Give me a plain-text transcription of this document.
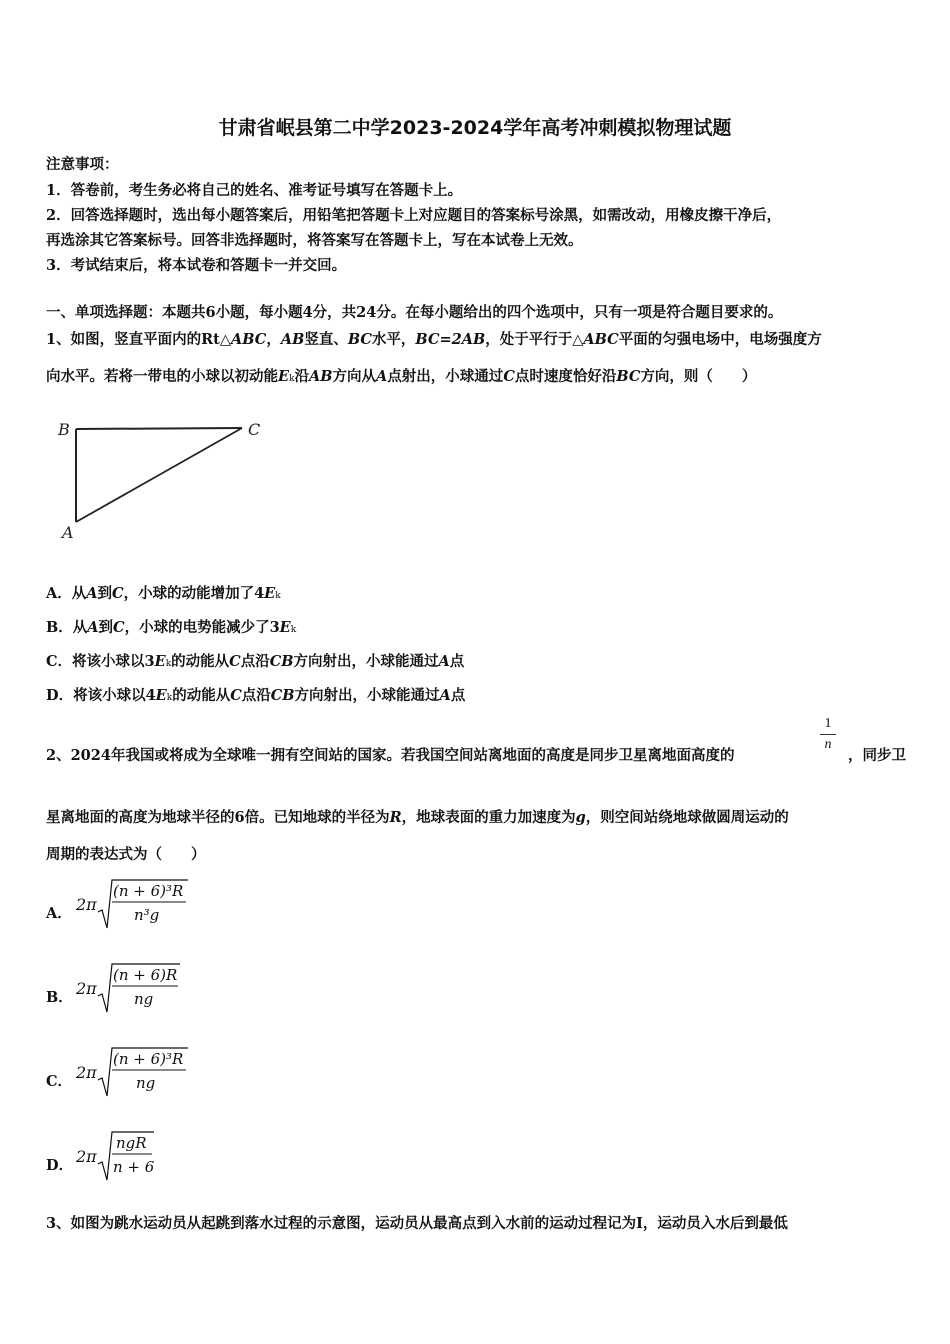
甘肃省岷县第二中学2023-2024学年高考冲刺模拟物理试题
注意事项：
1．答卷前，考生务必将自己的姓名、准考证号填写在答题卡上。
2．回答选择题时，选出每小题答案后，用铅笔把答题卡上对应题目的答案标号涂黑，如需改动，用橡皮擦干净后，
再选涂其它答案标号。回答非选择题时，将答案写在答题卡上，写在本试卷上无效。
3．考试结束后，将本试卷和答题卡一并交回。
一、单项选择题：本题共6小题，每小题4分，共24分。在每小题给出的四个选项中，只有一项是符合题目要求的。
1、如图，竖直平面内的Rt△ABC，AB竖直、BC水平，BC=2AB，处于平行于△ABC平面的匀强电场中，电场强度方
向水平。若将一带电的小球以初动能Ek沿AB方向从A点射出，小球通过C点时速度恰好沿BC方向，则（　　）
B	C
A
A．从A到C，小球的动能增加了4Ek
B．从A到C，小球的电势能减少了3Ek
C．将该小球以3Ek的动能从C点沿CB方向射出，小球能通过A点
D．将该小球以4Ek的动能从C点沿CB方向射出，小球能通过A点
2、2024年我国或将成为全球唯一拥有空间站的国家。若我国空间站离地面的高度是同步卫星离地面高度的
$\frac{1}{n}$
，同步卫
星离地面的高度为地球半径的6倍。已知地球的半径为R，地球表面的重力加速度为g，则空间站绕地球做圆周运动的
周期的表达式为（　　）
A． 2π
(n + 6)³R
n³g
B． 2π
(n + 6)R
ng
C． 2π
(n + 6)³R
ng
D． 2π
ngR
n + 6
3、如图为跳水运动员从起跳到落水过程的示意图，运动员从最高点到入水前的运动过程记为I，运动员入水后到最低
